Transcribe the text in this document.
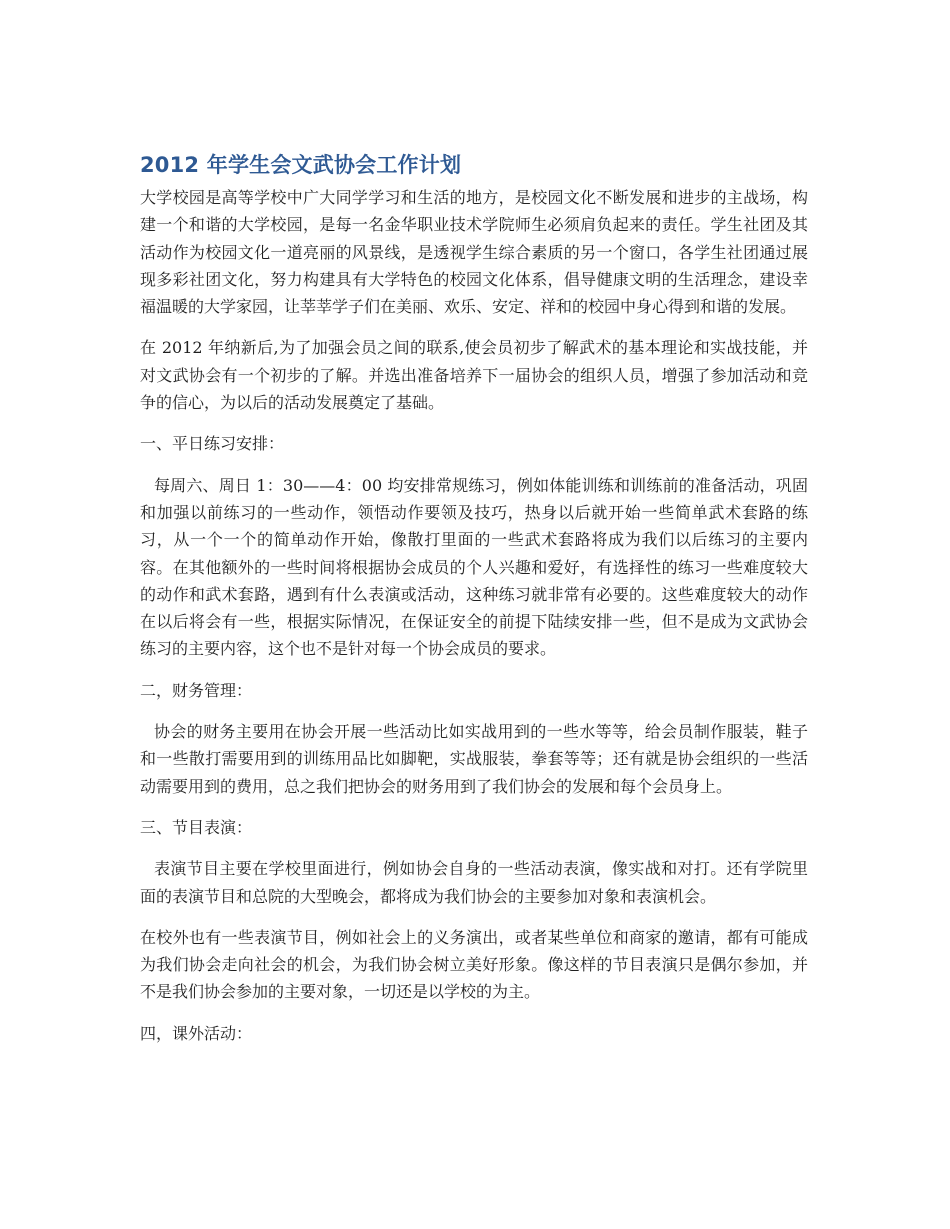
2012 年学生会文武协会工作计划

大学校园是高等学校中广大同学学习和生活的地方，是校园文化不断发展和进步的主战场，构建一个和谐的大学校园，是每一名金华职业技术学院师生必须肩负起来的责任。学生社团及其活动作为校园文化一道亮丽的风景线，是透视学生综合素质的另一个窗口，各学生社团通过展现多彩社团文化，努力构建具有大学特色的校园文化体系，倡导健康文明的生活理念，建设幸福温暖的大学家园，让莘莘学子们在美丽、欢乐、安定、祥和的校园中身心得到和谐的发展。

在 2012 年纳新后,为了加强会员之间的联系,使会员初步了解武术的基本理论和实战技能，并对文武协会有一个初步的了解。并选出准备培养下一届协会的组织人员，增强了参加活动和竞争的信心，为以后的活动发展奠定了基础。

一、平日练习安排：

每周六、周日 1：30——4：00 均安排常规练习，例如体能训练和训练前的准备活动，巩固和加强以前练习的一些动作，领悟动作要领及技巧，热身以后就开始一些简单武术套路的练习，从一个一个的简单动作开始，像散打里面的一些武术套路将成为我们以后练习的主要内容。在其他额外的一些时间将根据协会成员的个人兴趣和爱好，有选择性的练习一些难度较大的动作和武术套路，遇到有什么表演或活动，这种练习就非常有必要的。这些难度较大的动作在以后将会有一些，根据实际情况，在保证安全的前提下陆续安排一些，但不是成为文武协会练习的主要内容，这个也不是针对每一个协会成员的要求。

二，财务管理：

协会的财务主要用在协会开展一些活动比如实战用到的一些水等等，给会员制作服装，鞋子和一些散打需要用到的训练用品比如脚靶，实战服装，拳套等等；还有就是协会组织的一些活动需要用到的费用，总之我们把协会的财务用到了我们协会的发展和每个会员身上。

三、节目表演：

表演节目主要在学校里面进行，例如协会自身的一些活动表演，像实战和对打。还有学院里面的表演节目和总院的大型晚会，都将成为我们协会的主要参加对象和表演机会。

在校外也有一些表演节目，例如社会上的义务演出，或者某些单位和商家的邀请，都有可能成为我们协会走向社会的机会，为我们协会树立美好形象。像这样的节目表演只是偶尔参加，并不是我们协会参加的主要对象，一切还是以学校的为主。

四，课外活动：
